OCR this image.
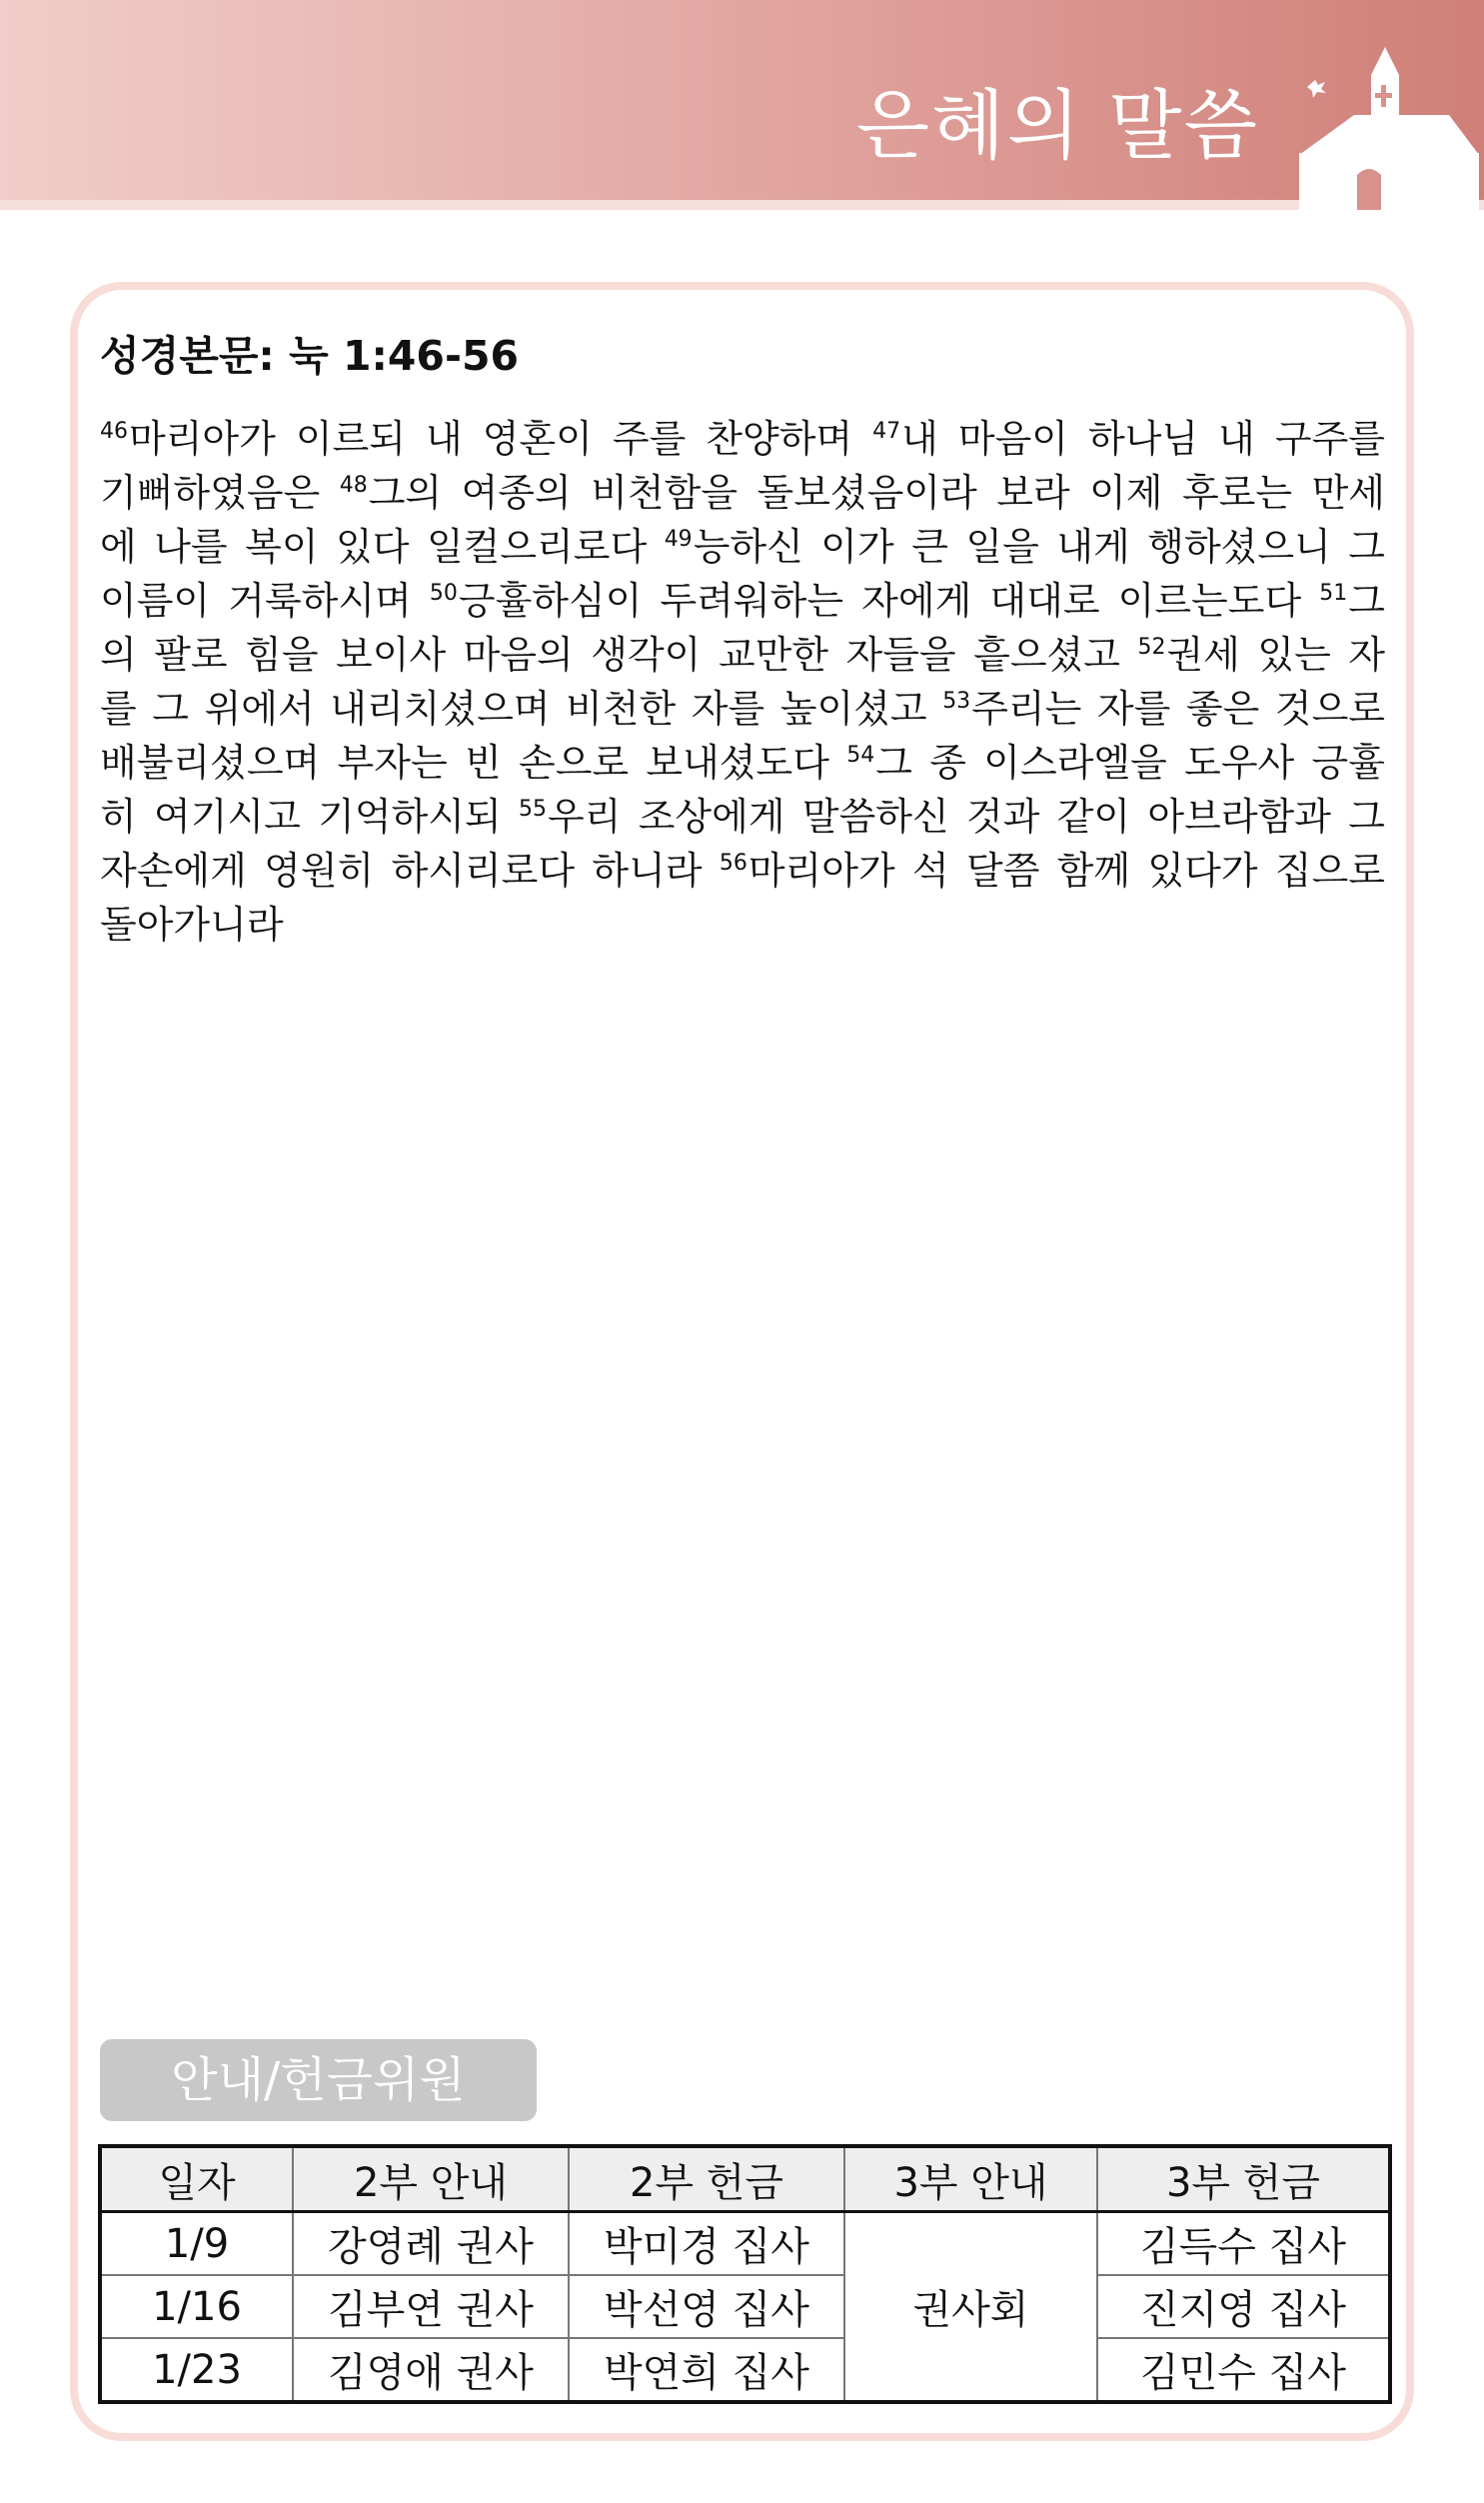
은혜의 말씀
성경본문: 눅 1:46-56
$^{46}$마리아가 이르되 내 영혼이 주를 찬양하며 $^{47}$내 마음이 하나님 내 구주를 기뻐하였음은 $^{48}$그의 여종의 비천함을 돌보셨음이라 보라 이제 후로는 만세에 나를 복이 있다 일컬으리로다 $^{49}$능하신 이가 큰 일을 내게 행하셨으니 그 이름이 거룩하시며 $^{50}$긍휼하심이 두려워하는 자에게 대대로 이르는도다 $^{51}$그의 팔로 힘을 보이사 마음의 생각이 교만한 자들을 흩으셨고 $^{52}$권세 있는 자를 그 위에서 내리치셨으며 비천한 자를 높이셨고 $^{53}$주리는 자를 좋은 것으로 배불리셨으며 부자는 빈 손으로 보내셨도다 $^{54}$그 종 이스라엘을 도우사 긍휼히 여기시고 기억하시되 $^{55}$우리 조상에게 말씀하신 것과 같이 아브라함과 그 자손에게 영원히 하시리로다 하니라 $^{56}$마리아가 석 달쯤 함께 있다가 집으로 돌아가니라
안내/헌금위원
일자	2부 안내	2부 헌금	3부 안내	3부 헌금
1/9	강영례 권사	박미경 집사	권사회	김득수 집사
1/16	김부연 권사	박선영 집사		진지영 집사
1/23	김영애 권사	박연희 집사		김민수 집사
